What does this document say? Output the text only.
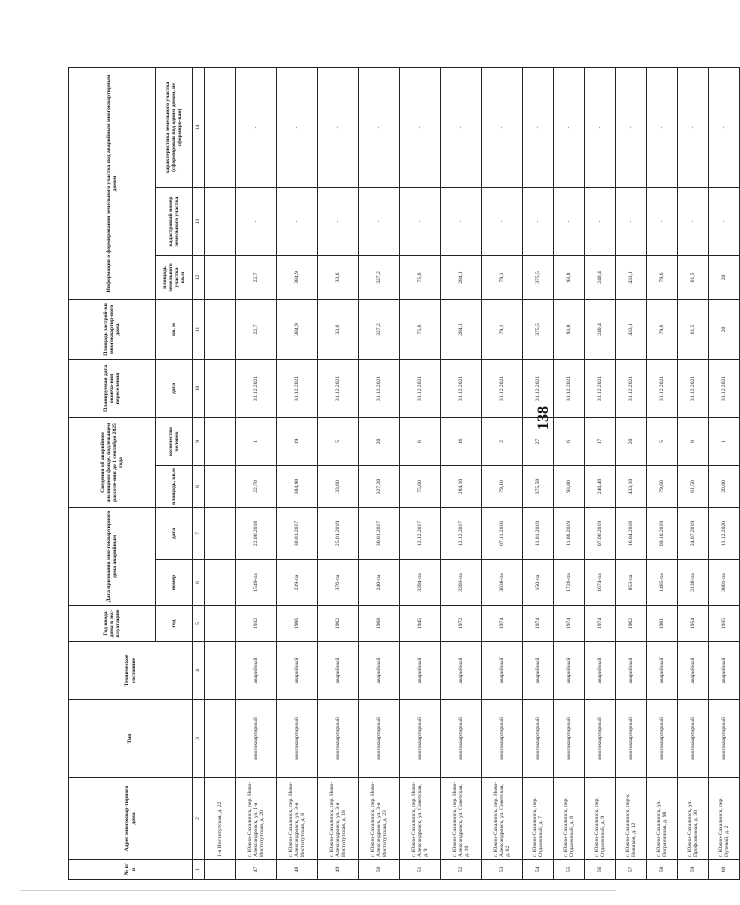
138
№ п/п	Адрес многоквар-тирного дома	Тип	Техническое состояние	Год ввода дома в экс-плуатацию	Дата признания мно-гоквартирного дома аварийным		Сведения об аварийном жилищном фонде, подлежащем расселе-нии до 1 сентября 2025 года		Планируемая дата оконча-ния переселения	Площадь застрой-ки многоквартир-ного дома	Информация о формировании земельного участка под аварийным многоквартирным домом		
				год	номер	дата	площадь, кв.м	количество человек	дата	кв. м	площадь земельного участка
кв.м	кадастровый номер земельного участка	характеристика земельного участка (сформирован под одним домом, не сформиро-ван)
1	2	3	4	5	6	7	8	9	10	11	12	13	14
	1-я Институтская, д. 22												
47	г. Южно-Сахалинск, пер. Ново-Александровск, ул. 1-я Институтская, д. 20	многоквартирный	аварийный	1932	1549-па	22.06.2018	22,70	1	31.12.2021	22,7	22,7	-	-
48	г. Южно-Сахалинск, пер. Ново-Александровск, ул. 3-я Институтская, д. 8	многоквартирный	аварийный	1966	239-па	30.01.2017	384,90	19	31.12.2021	384,9	384,9	-	-
49	г. Южно-Сахалинск, пер. Ново-Александровск, ул. 3-я Институтская, д. 18	многоквартирный	аварийный	1962	376-па	25.01.2019	33,60	5	31.12.2021	33,6	33,6	-	-
50	г. Южно-Сахалинск, пер. Ново-Александровск, ул. 3-я Институтская, д. 23	многоквартирный	аварийный	1968	240-па	30.01.2017	327,20	20	31.12.2021	327,2	327,2	-	-
51	г. Южно-Сахалинск, пер. Ново-Александровск, ул. Советская, д. 9	многоквартирный	аварийный	1945	3394-па	12.12.2017	75,60	6	31.12.2021	75,6	75,6	-	-
52	г. Южно-Сахалинск, пер. Ново-Александровск, ул. Советская, д. 10	многоквартирный	аварийный	1972	3393-па	12.12.2017	284,10	16	31.12.2021	284,1	284,1	-	-
53	г. Южно-Сахалинск, пер. Ново-Александровск, ул. Советская, д. 62	многоквартирный	аварийный	1974	3038-па	07.11.2018	79,10	2	31.12.2021	79,1	79,1	-	-
54	г. Южно-Сахалинск, пер. Отдаленный, д. 7	многоквартирный	аварийный	1974	150-па	11.01.2019	375,50	27	31.12.2021	375,5	375,5	-	-
55	г. Южно-Сахалинск, пер. Отдаленный, д. 8	многоквартирный	аварийный	1974	1726-па	11.06.2019	93,80	6	31.12.2021	93,8	93,8	-	-
56	г. Южно-Сахалинск, пер. Отдаленный, д. 9	многоквартирный	аварийный	1974	1674-па	07.06.2019	240,40	17	31.12.2021	240,4	240,4	-	-
57	г. Южно-Сахалинск, пер-к Новиков, д. 12	многоквартирный	аварийный	1962	853-па	16.04.2018	433,10	20	31.12.2021	433,1	433,1	-	-
58	г. Южно-Сахалинск, ул. Пограничная, д. 98	многоквартирный	аварийный	1961	1485-па	09.10.2019	79,60	5	31.12.2021	79,6	79,6	-	-
59	г. Южно-Сахалинск, ул. Профсоюзная, д. 30	многоквартирный	аварийный	1954	2138-па	24.07.2019	61,50	8	31.12.2021	61,5	61,5	-	-
60	г. Южно-Сахалинск, пер. Путевой, д. 2	многоквартирный	аварийный	1935	3801-па	11.12.2020	20,00	1	31.12.2021	20	20	-	-
